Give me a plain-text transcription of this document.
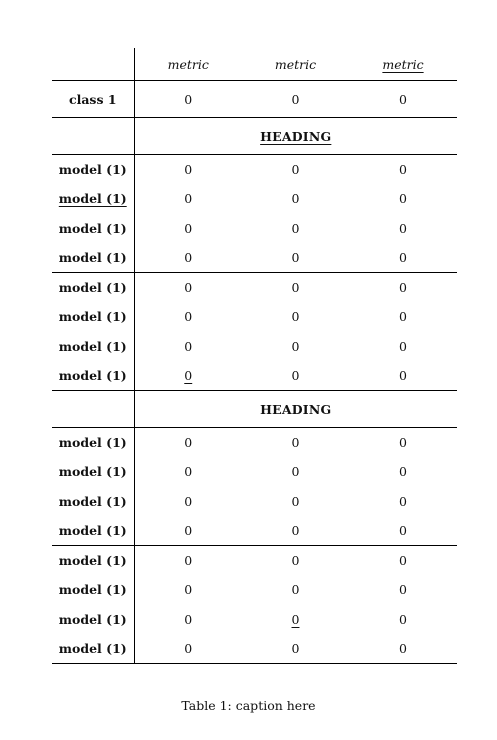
	metric	metric	metric
class 1	0	0	0
	HEADING		
model (1)	0	0	0
model (1)	0	0	0
model (1)	0	0	0
model (1)	0	0	0
model (1)	0	0	0
model (1)	0	0	0
model (1)	0	0	0
model (1)	0	0	0
	HEADING		
model (1)	0	0	0
model (1)	0	0	0
model (1)	0	0	0
model (1)	0	0	0
model (1)	0	0	0
model (1)	0	0	0
model (1)	0	0	0
model (1)	0	0	0
Table 1: caption here
